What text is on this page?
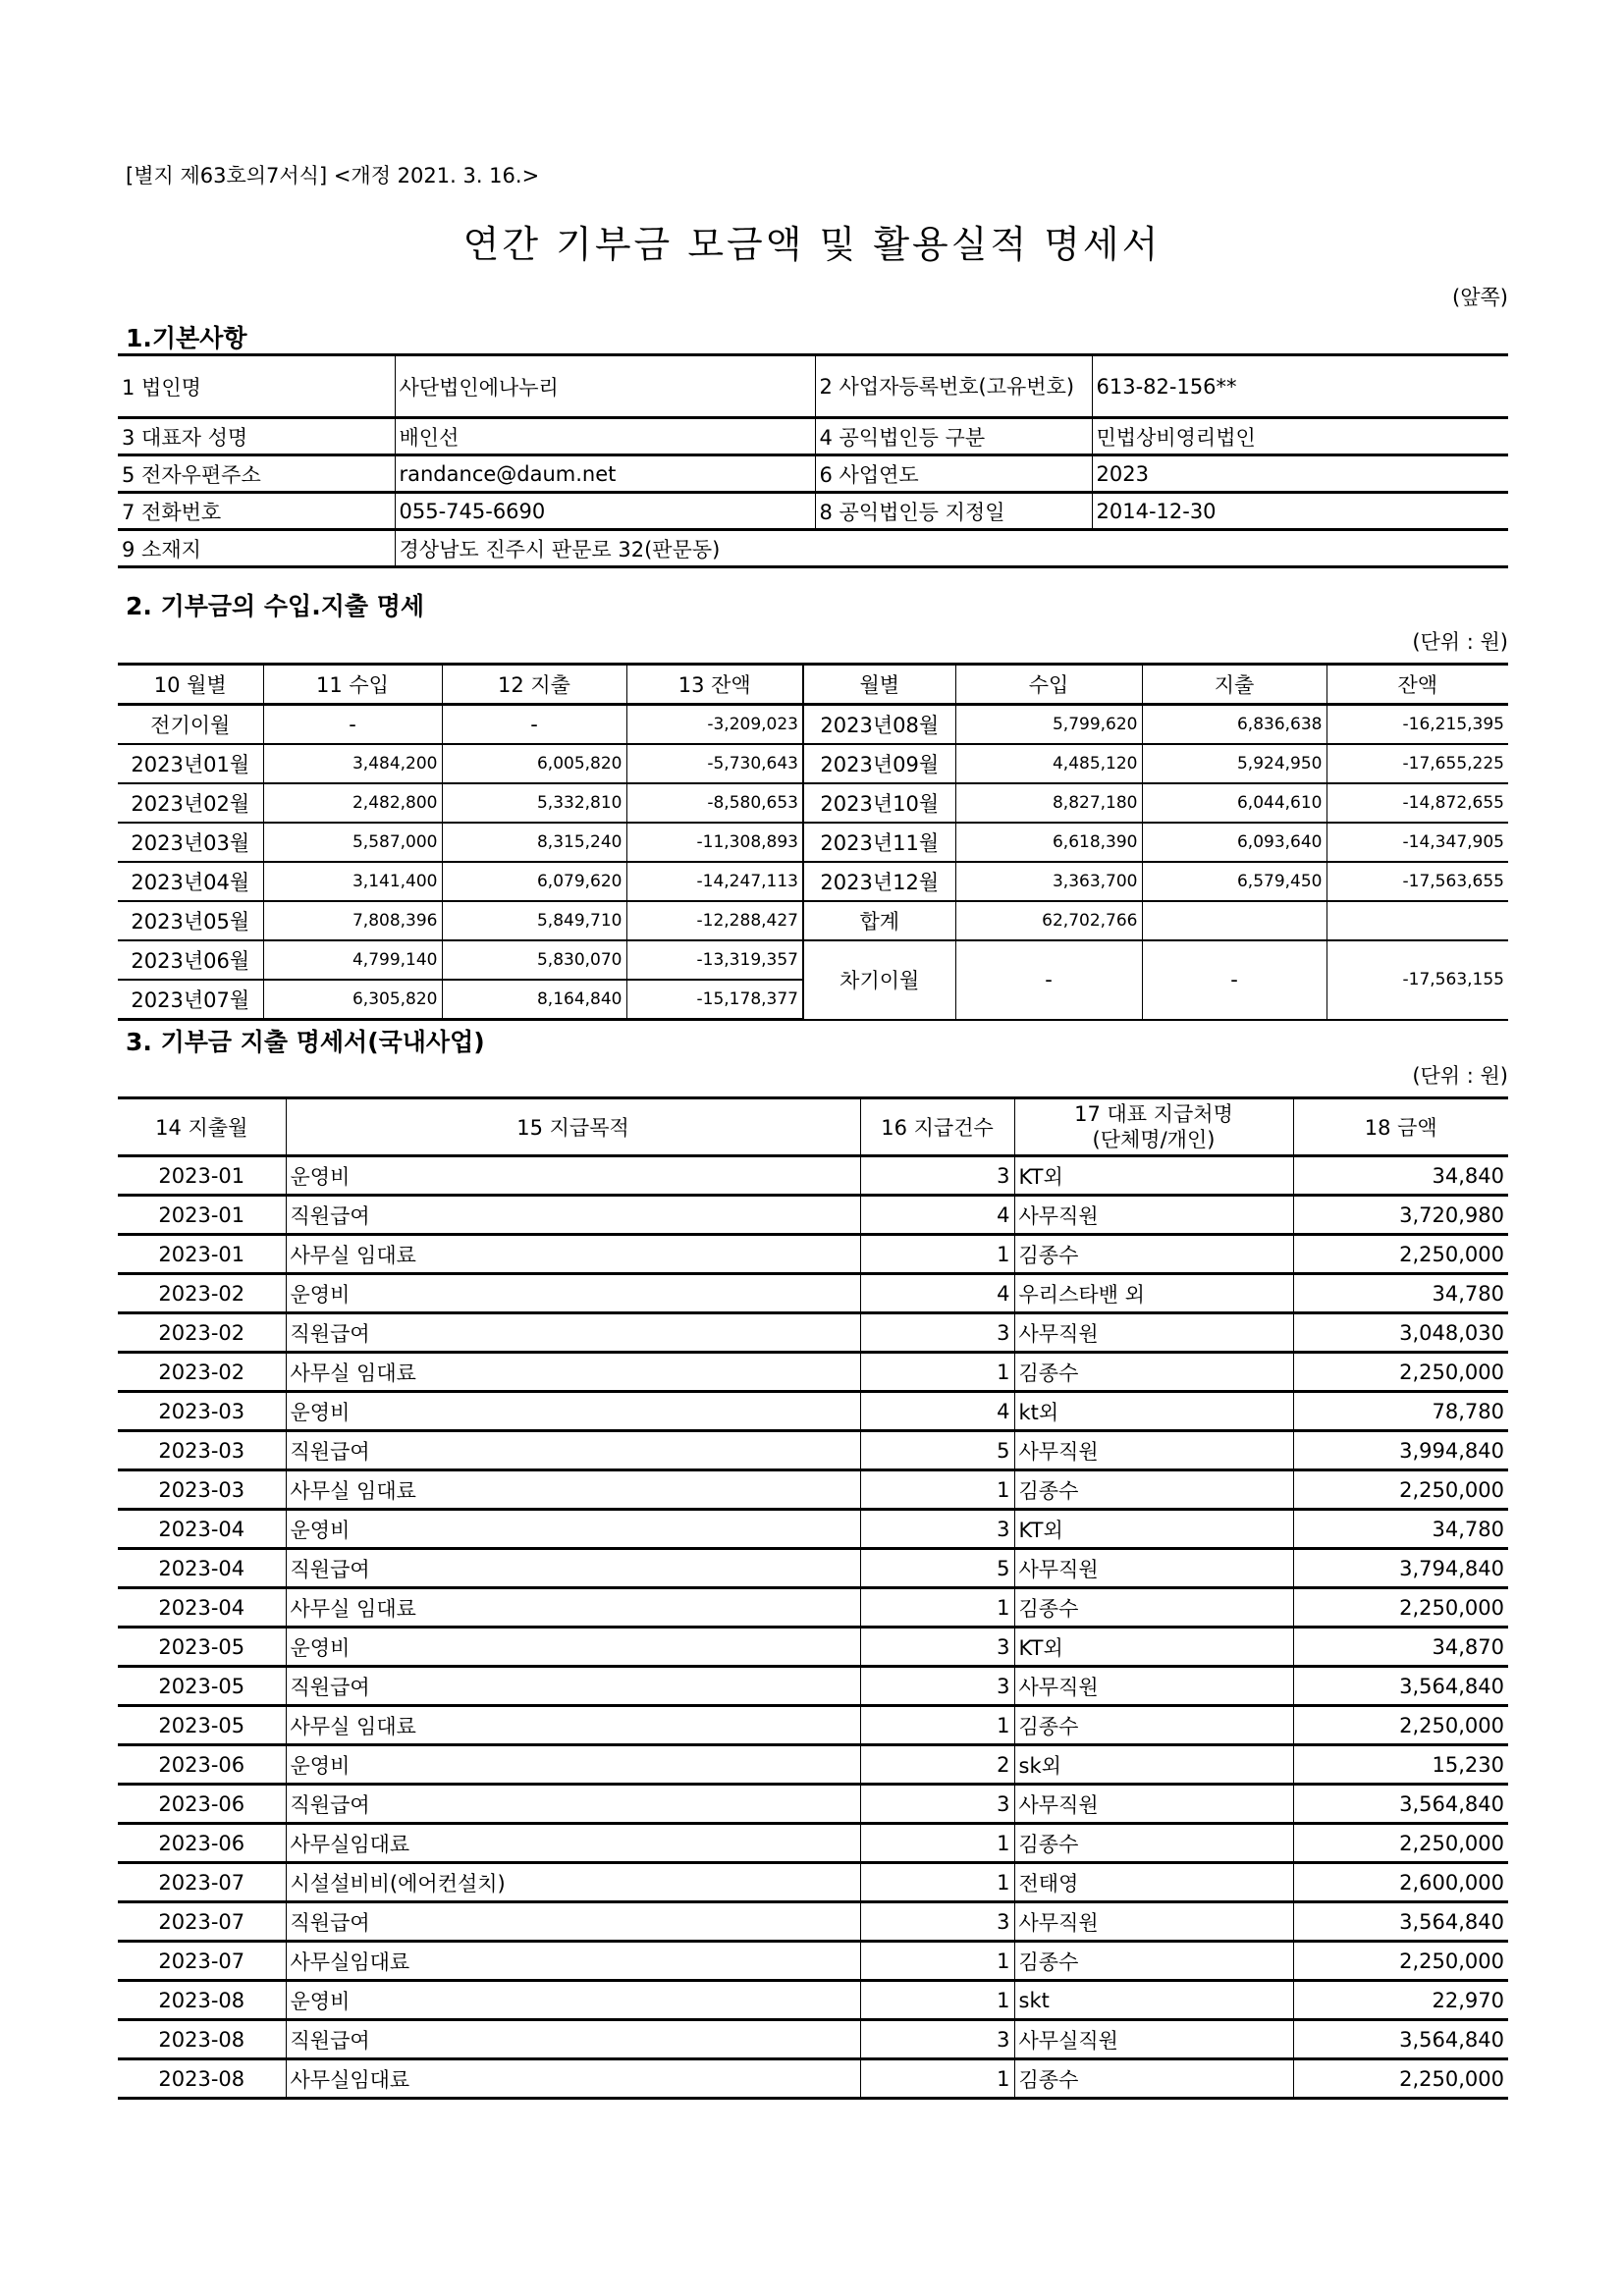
[별지 제63호의7서식] <개정 2021. 3. 16.>
연간 기부금 모금액 및 활용실적 명세서
(앞쪽)
1.기본사항
1 법인명	사단법인에나누리	2 사업자등록번호(고유번호)	613-82-156**
3 대표자 성명	배인선	4 공익법인등 구분	민법상비영리법인
5 전자우편주소	randance@daum.net	6 사업연도	2023
7 전화번호	055-745-6690	8 공익법인등 지정일	2014-12-30
9 소재지	경상남도 진주시 판문로 32(판문동)		
2. 기부금의 수입.지출 명세
(단위 : 원)
10 월별	11 수입	12 지출	13 잔액	월별	수입	지출	잔액
전기이월	-	-	-3,209,023	2023년08월	5,799,620	6,836,638	-16,215,395
2023년01월	3,484,200	6,005,820	-5,730,643	2023년09월	4,485,120	5,924,950	-17,655,225
2023년02월	2,482,800	5,332,810	-8,580,653	2023년10월	8,827,180	6,044,610	-14,872,655
2023년03월	5,587,000	8,315,240	-11,308,893	2023년11월	6,618,390	6,093,640	-14,347,905
2023년04월	3,141,400	6,079,620	-14,247,113	2023년12월	3,363,700	6,579,450	-17,563,655
2023년05월	7,808,396	5,849,710	-12,288,427	합계	62,702,766		
2023년06월	4,799,140	5,830,070	-13,319,357	차기이월	-	-	-17,563,155
2023년07월	6,305,820	8,164,840	-15,178,377				
3. 기부금 지출 명세서(국내사업)
(단위 : 원)
14 지출월	15 지급목적	16 지급건수	17 대표 지급처명
(단체명/개인)	18 금액
2023-01	운영비	3	KT외	34,840
2023-01	직원급여	4	사무직원	3,720,980
2023-01	사무실 임대료	1	김종수	2,250,000
2023-02	운영비	4	우리스타밴 외	34,780
2023-02	직원급여	3	사무직원	3,048,030
2023-02	사무실 임대료	1	김종수	2,250,000
2023-03	운영비	4	kt외	78,780
2023-03	직원급여	5	사무직원	3,994,840
2023-03	사무실 임대료	1	김종수	2,250,000
2023-04	운영비	3	KT외	34,780
2023-04	직원급여	5	사무직원	3,794,840
2023-04	사무실 임대료	1	김종수	2,250,000
2023-05	운영비	3	KT외	34,870
2023-05	직원급여	3	사무직원	3,564,840
2023-05	사무실 임대료	1	김종수	2,250,000
2023-06	운영비	2	sk외	15,230
2023-06	직원급여	3	사무직원	3,564,840
2023-06	사무실임대료	1	김종수	2,250,000
2023-07	시설설비비(에어컨설치)	1	전태영	2,600,000
2023-07	직원급여	3	사무직원	3,564,840
2023-07	사무실임대료	1	김종수	2,250,000
2023-08	운영비	1	skt	22,970
2023-08	직원급여	3	사무실직원	3,564,840
2023-08	사무실임대료	1	김종수	2,250,000
